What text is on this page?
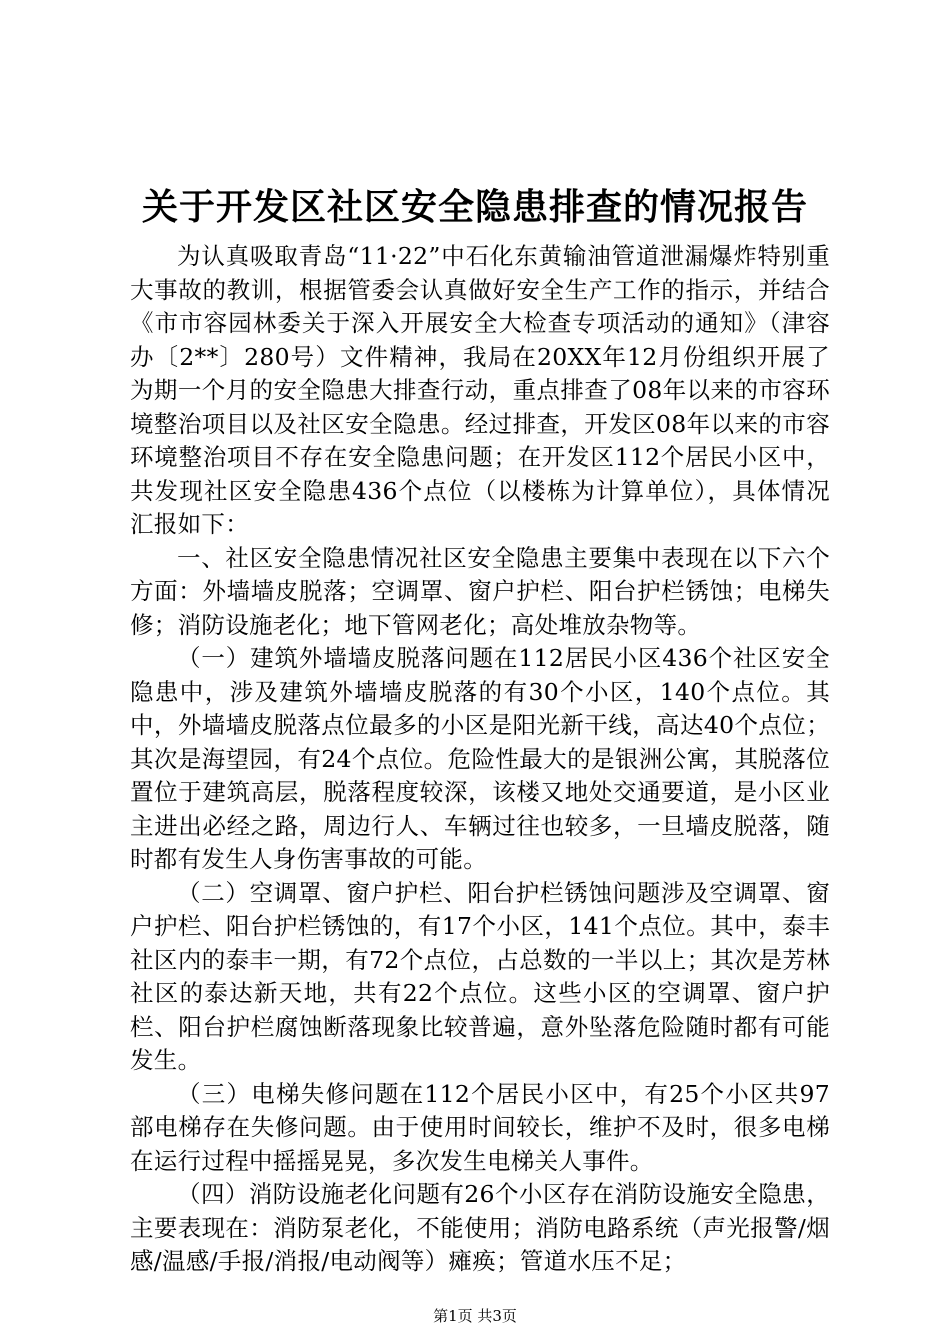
关于开发区社区安全隐患排查的情况报告

为认真吸取青岛“11·22”中石化东黄输油管道泄漏爆炸特别重大事故的教训，根据管委会认真做好安全生产工作的指示，并结合《市市容园林委关于深入开展安全大检查专项活动的通知》（津容办〔2**〕280号）文件精神，我局在20XX年12月份组织开展了为期一个月的安全隐患大排查行动，重点排查了08年以来的市容环境整治项目以及社区安全隐患。经过排查，开发区08年以来的市容环境整治项目不存在安全隐患问题；在开发区112个居民小区中，共发现社区安全隐患436个点位（以楼栋为计算单位），具体情况汇报如下：

一、社区安全隐患情况社区安全隐患主要集中表现在以下六个方面：外墙墙皮脱落；空调罩、窗户护栏、阳台护栏锈蚀；电梯失修；消防设施老化；地下管网老化；高处堆放杂物等。

（一）建筑外墙墙皮脱落问题在112居民小区436个社区安全隐患中，涉及建筑外墙墙皮脱落的有30个小区，140个点位。其中，外墙墙皮脱落点位最多的小区是阳光新干线，高达40个点位；其次是海望园，有24个点位。危险性最大的是银洲公寓，其脱落位置位于建筑高层，脱落程度较深，该楼又地处交通要道，是小区业主进出必经之路，周边行人、车辆过往也较多，一旦墙皮脱落，随时都有发生人身伤害事故的可能。

（二）空调罩、窗户护栏、阳台护栏锈蚀问题涉及空调罩、窗户护栏、阳台护栏锈蚀的，有17个小区，141个点位。其中，泰丰社区内的泰丰一期，有72个点位，占总数的一半以上；其次是芳林社区的泰达新天地，共有22个点位。这些小区的空调罩、窗户护栏、阳台护栏腐蚀断落现象比较普遍，意外坠落危险随时都有可能发生。

（三）电梯失修问题在112个居民小区中，有25个小区共97部电梯存在失修问题。由于使用时间较长，维护不及时，很多电梯在运行过程中摇摇晃晃，多次发生电梯关人事件。

（四）消防设施老化问题有26个小区存在消防设施安全隐患，主要表现在：消防泵老化，不能使用；消防电路系统（声光报警/烟感/温感/手报/消报/电动阀等）瘫痪；管道水压不足；

第1页 共3页
